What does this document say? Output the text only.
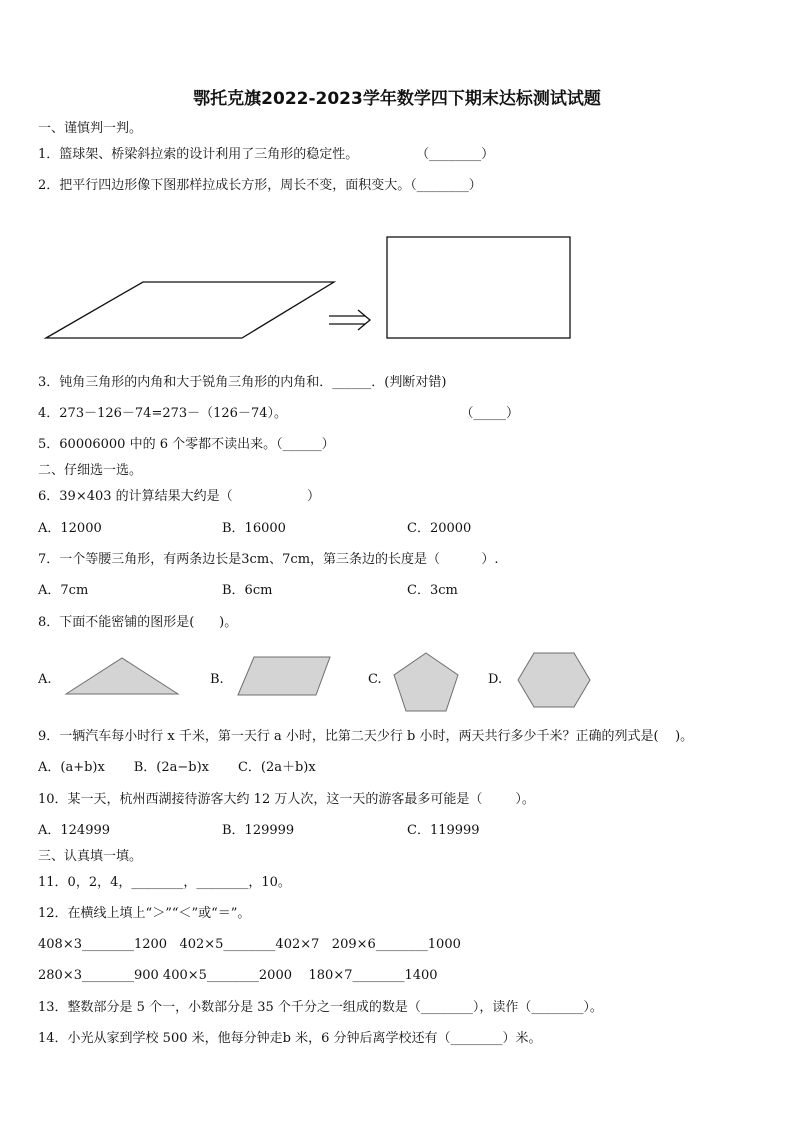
鄂托克旗2022-2023学年数学四下期末达标测试试题
一、谨慎判一判。
1．篮球架、桥梁斜拉索的设计利用了三角形的稳定性。              （________）
2．把平行四边形像下图那样拉成长方形，周长不变，面积变大。（________）
3．钝角三角形的内角和大于锐角三角形的内角和．______．(判断对错)
4．273－126－74=273－（126－74）。                                          （_____）
5．60006000 中的 6 个零都不读出来。（______）
二、仔细选一选。
6．39×403 的计算结果大约是（                  ）
A．12000	B．16000	C．20000
7．一个等腰三角形，有两条边长是3cm、7cm，第三条边的长度是（          ）.
A．7cm	B．6cm	C．3cm
8．下面不能密铺的图形是(      )。
A.	B.	C.	D.
9．一辆汽车每小时行 x 千米，第一天行 a 小时，比第二天少行 b 小时，两天共行多少千米？正确的列式是(    )。
A．(a+b)x       B．(2a−b)x       C．(2a＋b)x
10．某一天，杭州西湖接待游客大约 12 万人次，这一天的游客最多可能是（        ）。
A．124999	B．129999	C．119999
三、认真填一填。
11．0，2，4，________，________，10。
12．在横线上填上“＞”“＜”或“＝”。
408×3________1200   402×5________402×7   209×6________1000
280×3________900 400×5________2000    180×7________1400
13．整数部分是 5 个一，小数部分是 35 个千分之一组成的数是（________），读作（________）。
14．小光从家到学校 500 米，他每分钟走b 米，6 分钟后离学校还有（________）米。
